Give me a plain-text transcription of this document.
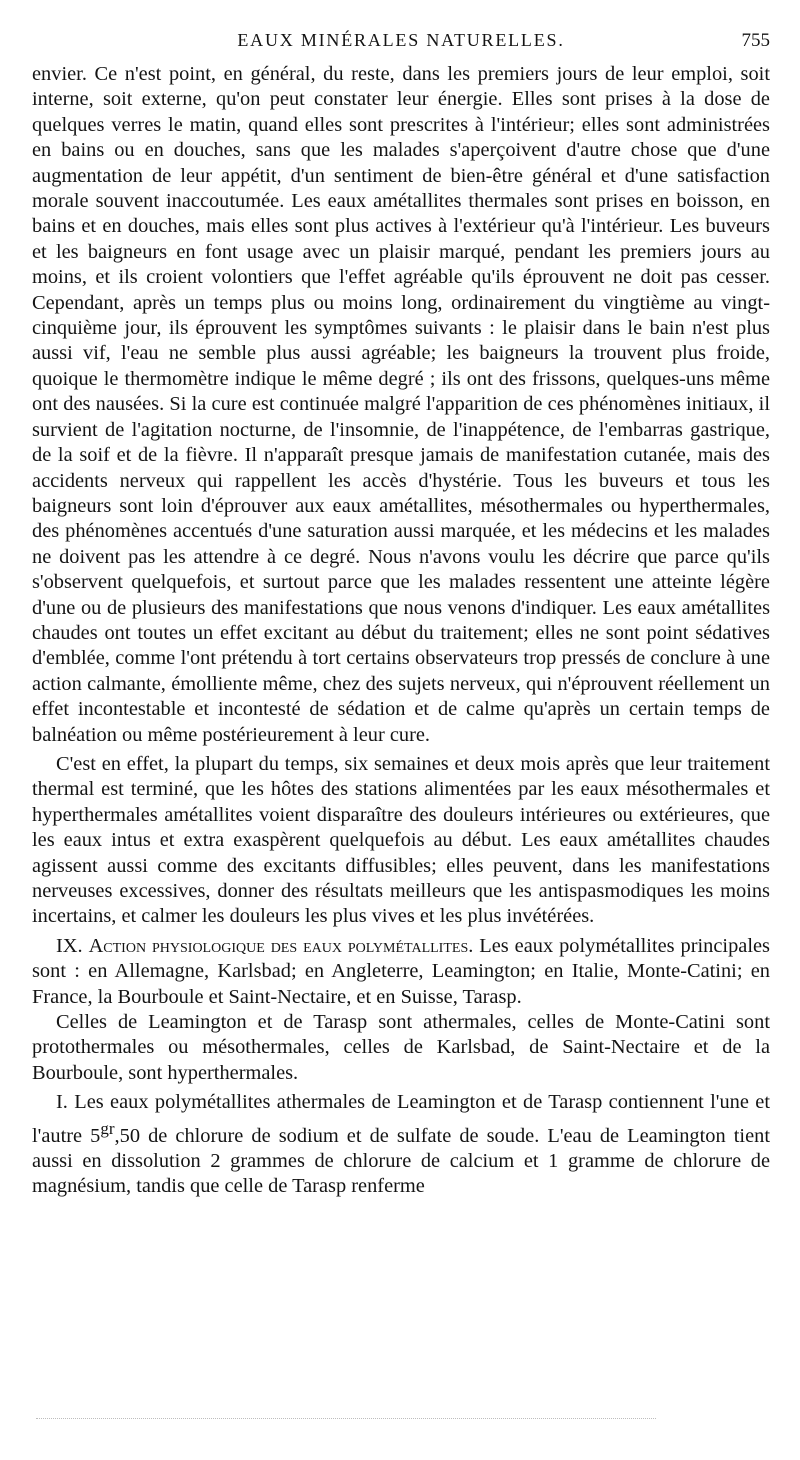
EAUX MINÉRALES NATURELLES.	755

envier. Ce n'est point, en général, du reste, dans les premiers jours de leur emploi, soit interne, soit externe, qu'on peut constater leur énergie. Elles sont prises à la dose de quelques verres le matin, quand elles sont prescrites à l'intérieur; elles sont administrées en bains ou en douches, sans que les malades s'aperçoivent d'autre chose que d'une augmentation de leur appétit, d'un sentiment de bien-être général et d'une satisfaction morale souvent inaccoutumée. Les eaux amétallites thermales sont prises en boisson, en bains et en douches, mais elles sont plus actives à l'extérieur qu'à l'intérieur. Les buveurs et les baigneurs en font usage avec un plaisir marqué, pendant les premiers jours au moins, et ils croient volontiers que l'effet agréable qu'ils éprouvent ne doit pas cesser. Cependant, après un temps plus ou moins long, ordinairement du vingtième au vingt-cinquième jour, ils éprouvent les symptômes suivants : le plaisir dans le bain n'est plus aussi vif, l'eau ne semble plus aussi agréable; les baigneurs la trouvent plus froide, quoique le thermomètre indique le même degré ; ils ont des frissons, quelques-uns même ont des nausées. Si la cure est continuée malgré l'apparition de ces phénomènes initiaux, il survient de l'agitation nocturne, de l'insomnie, de l'inappétence, de l'embarras gastrique, de la soif et de la fièvre. Il n'apparaît presque jamais de manifestation cutanée, mais des accidents nerveux qui rappellent les accès d'hystérie. Tous les buveurs et tous les baigneurs sont loin d'éprouver aux eaux amétallites, mésothermales ou hyperthermales, des phénomènes accentués d'une saturation aussi marquée, et les médecins et les malades ne doivent pas les attendre à ce degré. Nous n'avons voulu les décrire que parce qu'ils s'observent quelquefois, et surtout parce que les malades ressentent une atteinte légère d'une ou de plusieurs des manifestations que nous venons d'indiquer. Les eaux amétallites chaudes ont toutes un effet excitant au début du traitement; elles ne sont point sédatives d'emblée, comme l'ont prétendu à tort certains observateurs trop pressés de conclure à une action calmante, émolliente même, chez des sujets nerveux, qui n'éprouvent réellement un effet incontestable et incontesté de sédation et de calme qu'après un certain temps de balnéation ou même postérieurement à leur cure.

C'est en effet, la plupart du temps, six semaines et deux mois après que leur traitement thermal est terminé, que les hôtes des stations alimentées par les eaux mésothermales et hyperthermales amétallites voient disparaître des douleurs intérieures ou extérieures, que les eaux intus et extra exaspèrent quelquefois au début. Les eaux amétallites chaudes agissent aussi comme des excitants diffusibles; elles peuvent, dans les manifestations nerveuses excessives, donner des résultats meilleurs que les antispasmodiques les moins incertains, et calmer les douleurs les plus vives et les plus invétérées.

IX. Action physiologique des eaux polymétallites. Les eaux polymétallites principales sont : en Allemagne, Karlsbad; en Angleterre, Leamington; en Italie, Monte-Catini; en France, la Bourboule et Saint-Nectaire, et en Suisse, Tarasp.

Celles de Leamington et de Tarasp sont athermales, celles de Monte-Catini sont protothermales ou mésothermales, celles de Karlsbad, de Saint-Nectaire et de la Bourboule, sont hyperthermales.

I. Les eaux polymétallites athermales de Leamington et de Tarasp contiennent l'une et l'autre $5^{gr},50$ de chlorure de sodium et de sulfate de soude. L'eau de Leamington tient aussi en dissolution 2 grammes de chlorure de calcium et 1 gramme de chlorure de magnésium, tandis que celle de Tarasp renferme
